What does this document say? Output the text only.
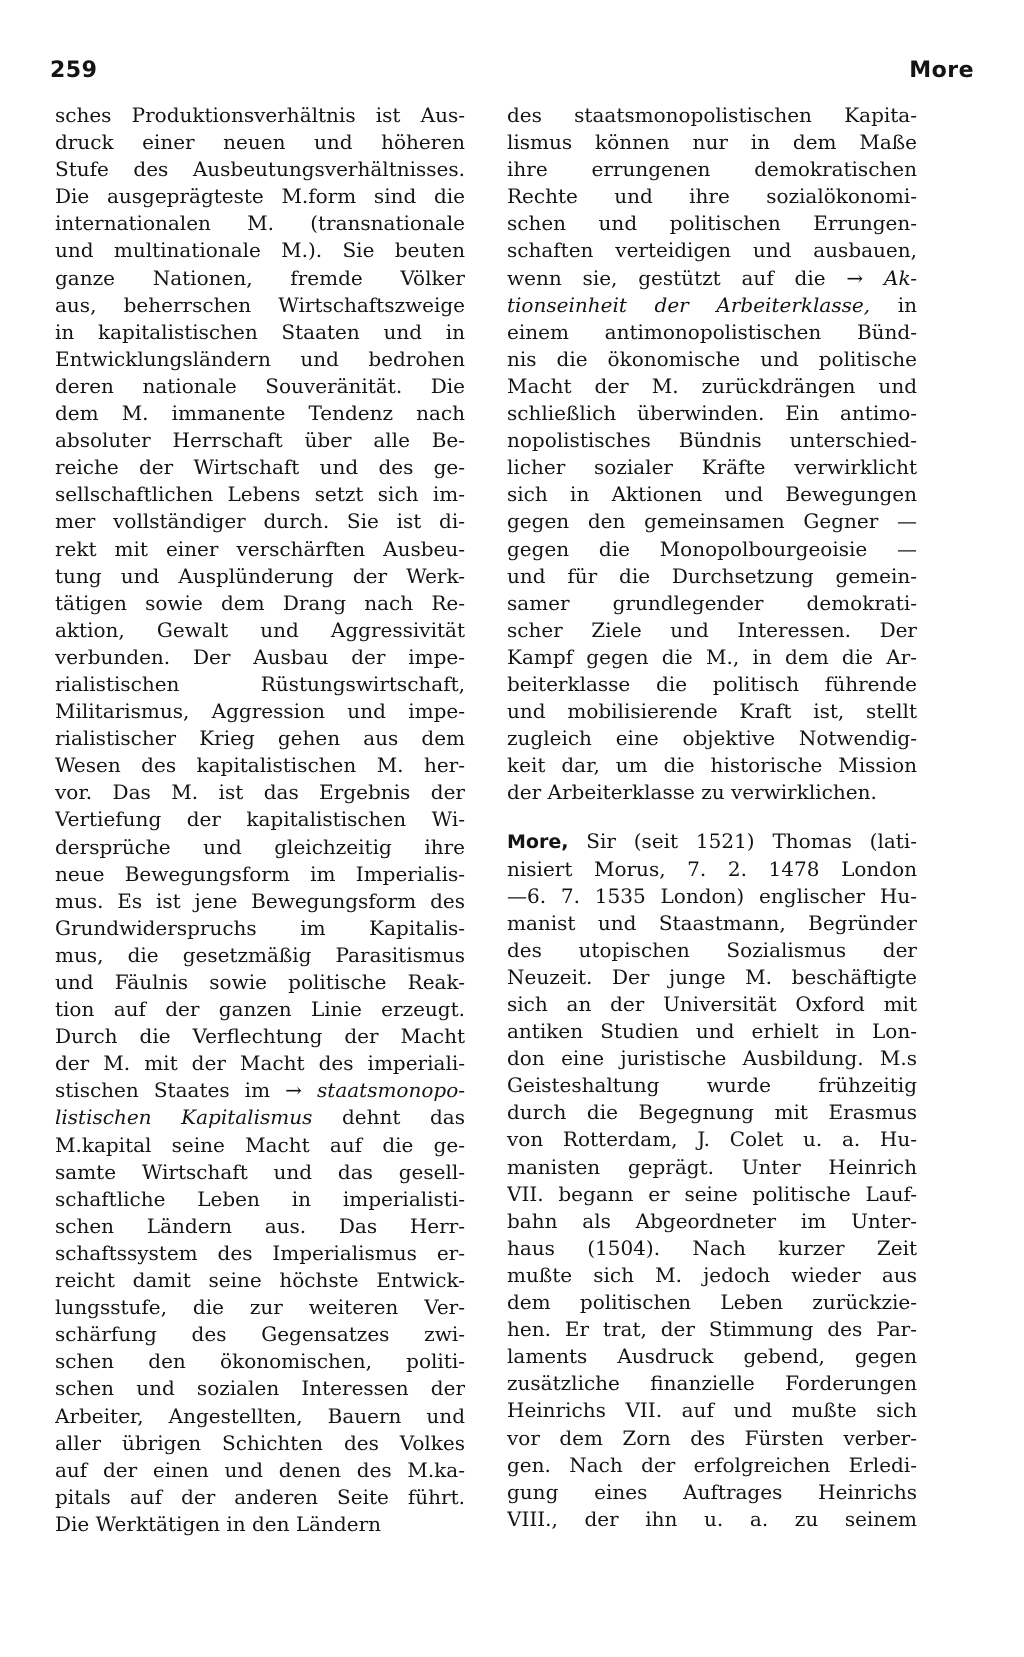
259	More
sches Produktionsverhältnis ist Aus-
druck einer neuen und höheren
Stufe des Ausbeutungsverhältnisses.
Die ausgeprägteste M.form sind die
internationalen M. (transnationale
und multinationale M.). Sie beuten
ganze Nationen, fremde Völker
aus, beherrschen Wirtschaftszweige
in kapitalistischen Staaten und in
Entwicklungsländern und bedrohen
deren nationale Souveränität. Die
dem M. immanente Tendenz nach
absoluter Herrschaft über alle Be-
reiche der Wirtschaft und des ge-
sellschaftlichen Lebens setzt sich im-
mer vollständiger durch. Sie ist di-
rekt mit einer verschärften Ausbeu-
tung und Ausplünderung der Werk-
tätigen sowie dem Drang nach Re-
aktion, Gewalt und Aggressivität
verbunden. Der Ausbau der impe-
rialistischen Rüstungswirtschaft,
Militarismus, Aggression und impe-
rialistischer Krieg gehen aus dem
Wesen des kapitalistischen M. her-
vor. Das M. ist das Ergebnis der
Vertiefung der kapitalistischen Wi-
dersprüche und gleichzeitig ihre
neue Bewegungsform im Imperialis-
mus. Es ist jene Bewegungsform des
Grundwiderspruchs im Kapitalis-
mus, die gesetzmäßig Parasitismus
und Fäulnis sowie politische Reak-
tion auf der ganzen Linie erzeugt.
Durch die Verflechtung der Macht
der M. mit der Macht des imperiali-
stischen Staates im → staatsmonopo-
listischen Kapitalismus dehnt das
M.kapital seine Macht auf die ge-
samte Wirtschaft und das gesell-
schaftliche Leben in imperialisti-
schen Ländern aus. Das Herr-
schaftssystem des Imperialismus er-
reicht damit seine höchste Entwick-
lungsstufe, die zur weiteren Ver-
schärfung des Gegensatzes zwi-
schen den ökonomischen, politi-
schen und sozialen Interessen der
Arbeiter, Angestellten, Bauern und
aller übrigen Schichten des Volkes
auf der einen und denen des M.ka-
pitals auf der anderen Seite führt.
Die Werktätigen in den Ländern
des staatsmonopolistischen Kapita-
lismus können nur in dem Maße
ihre errungenen demokratischen
Rechte und ihre sozialökonomi-
schen und politischen Errungen-
schaften verteidigen und ausbauen,
wenn sie, gestützt auf die → Ak-
tionseinheit der Arbeiterklasse, in
einem antimonopolistischen Bünd-
nis die ökonomische und politische
Macht der M. zurückdrängen und
schließlich überwinden. Ein antimo-
nopolistisches Bündnis unterschied-
licher sozialer Kräfte verwirklicht
sich in Aktionen und Bewegungen
gegen den gemeinsamen Gegner —
gegen die Monopolbourgeoisie —
und für die Durchsetzung gemein-
samer grundlegender demokrati-
scher Ziele und Interessen. Der
Kampf gegen die M., in dem die Ar-
beiterklasse die politisch führende
und mobilisierende Kraft ist, stellt
zugleich eine objektive Notwendig-
keit dar, um die historische Mission
der Arbeiterklasse zu verwirklichen.
More, Sir (seit 1521) Thomas (lati-
nisiert Morus, 7. 2. 1478 London
—6. 7. 1535 London) englischer Hu-
manist und Staastmann, Begründer
des utopischen Sozialismus der
Neuzeit. Der junge M. beschäftigte
sich an der Universität Oxford mit
antiken Studien und erhielt in Lon-
don eine juristische Ausbildung. M.s
Geisteshaltung wurde frühzeitig
durch die Begegnung mit Erasmus
von Rotterdam, J. Colet u. a. Hu-
manisten geprägt. Unter Heinrich
VII. begann er seine politische Lauf-
bahn als Abgeordneter im Unter-
haus (1504). Nach kurzer Zeit
mußte sich M. jedoch wieder aus
dem politischen Leben zurückzie-
hen. Er trat, der Stimmung des Par-
laments Ausdruck gebend, gegen
zusätzliche finanzielle Forderungen
Heinrichs VII. auf und mußte sich
vor dem Zorn des Fürsten verber-
gen. Nach der erfolgreichen Erledi-
gung eines Auftrages Heinrichs
VIII., der ihn u. a. zu seinem
